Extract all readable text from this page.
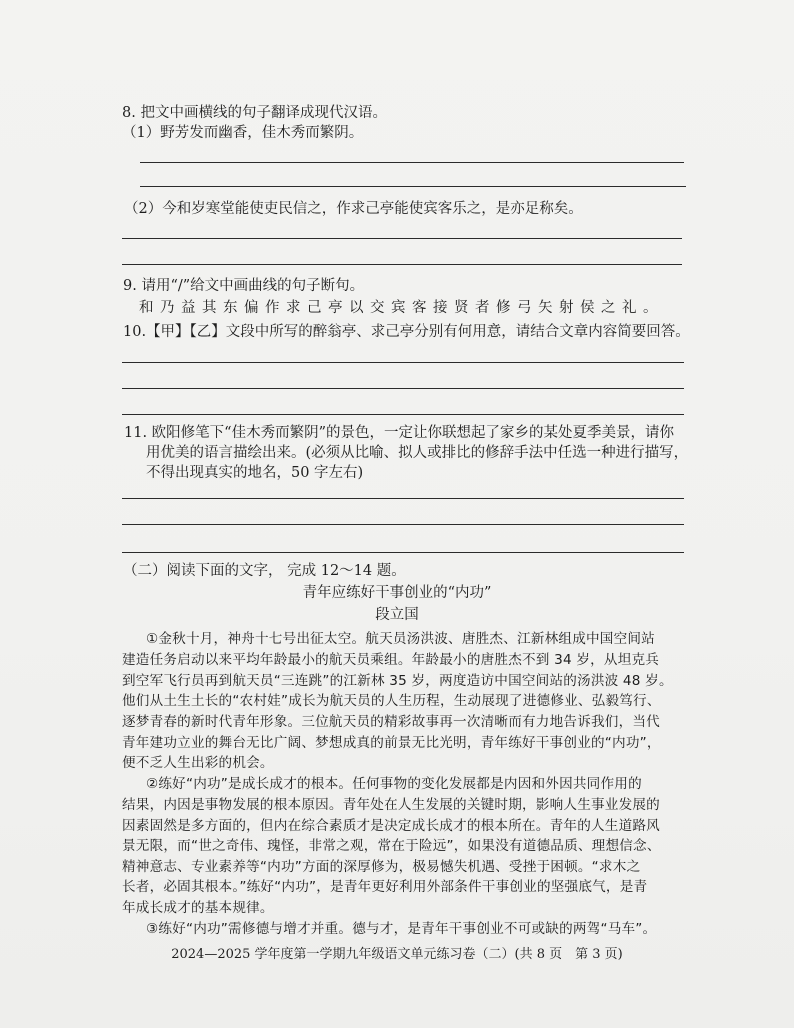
8. 把文中画横线的句子翻译成现代汉语。
（1）野芳发而幽香，佳木秀而繁阴。
（2）今和岁寒堂能使吏民信之，作求己亭能使宾客乐之，是亦足称矣。
9. 请用“/”给文中画曲线的句子断句。
和乃益其东偏作求己亭以交宾客接贤者修弓矢射侯之礼。
10.【甲】【乙】文段中所写的醉翁亭、求己亭分别有何用意，请结合文章内容简要回答。
11. 欧阳修笔下“佳木秀而繁阴”的景色，一定让你联想起了家乡的某处夏季美景，请你
用优美的语言描绘出来。(必须从比喻、拟人或排比的修辞手法中任选一种进行描写，
不得出现真实的地名，50 字左右)
（二）阅读下面的文字， 完成 12～14 题。
青年应练好干事创业的“内功”
段立国
①金秋十月，神舟十七号出征太空。航天员汤洪波、唐胜杰、江新林组成中国空间站
建造任务启动以来平均年龄最小的航天员乘组。年龄最小的唐胜杰不到 34 岁，从坦克兵
到空军飞行员再到航天员“三连跳”的江新林 35 岁，两度造访中国空间站的汤洪波 48 岁。
他们从土生土长的“农村娃”成长为航天员的人生历程，生动展现了进德修业、弘毅笃行、
逐梦青春的新时代青年形象。三位航天员的精彩故事再一次清晰而有力地告诉我们，当代
青年建功立业的舞台无比广阔、梦想成真的前景无比光明，青年练好干事创业的“内功”，
便不乏人生出彩的机会。
②练好“内功”是成长成才的根本。任何事物的变化发展都是内因和外因共同作用的
结果，内因是事物发展的根本原因。青年处在人生发展的关键时期，影响人生事业发展的
因素固然是多方面的，但内在综合素质才是决定成长成才的根本所在。青年的人生道路风
景无限，而“世之奇伟、瑰怪，非常之观，常在于险远”，如果没有道德品质、理想信念、
精神意志、专业素养等“内功”方面的深厚修为，极易憾失机遇、受挫于困顿。“求木之
长者，必固其根本。”练好“内功”，是青年更好利用外部条件干事创业的坚强底气，是青
年成长成才的基本规律。
③练好“内功”需修德与增才并重。德与才，是青年干事创业不可或缺的两驾“马车”。
2024—2025 学年度第一学期九年级语文单元练习卷（二）(共 8 页　第 3 页)
